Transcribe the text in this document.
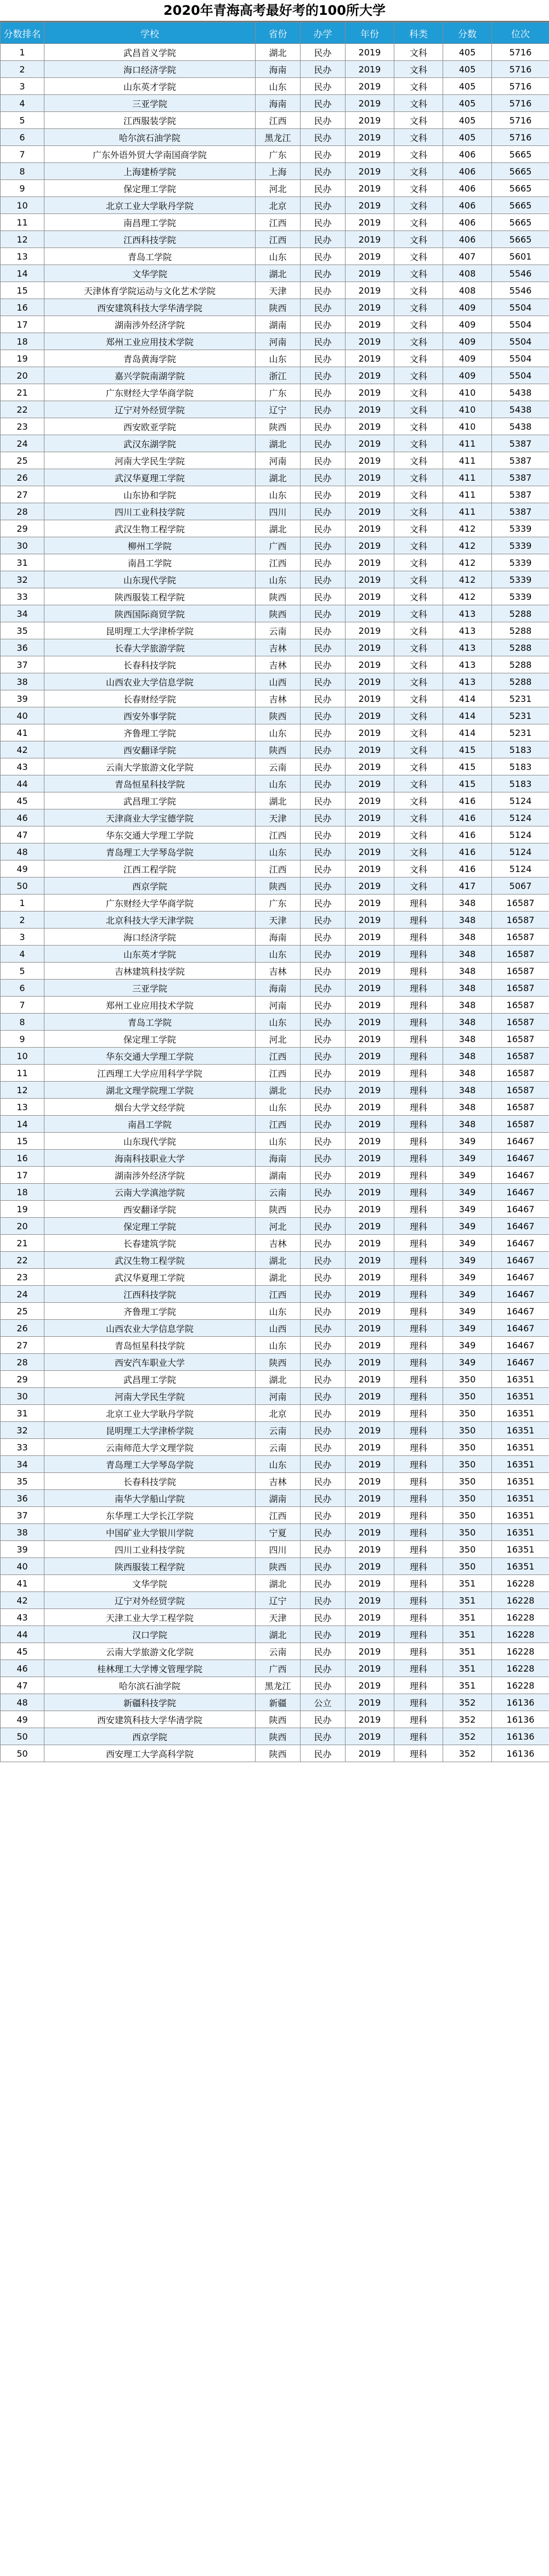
2020年青海高考最好考的100所大学
分数排名	学校	省份	办学	年份	科类	分数	位次
1	武昌首义学院	湖北	民办	2019	文科	405	5716
2	海口经济学院	海南	民办	2019	文科	405	5716
3	山东英才学院	山东	民办	2019	文科	405	5716
4	三亚学院	海南	民办	2019	文科	405	5716
5	江西服装学院	江西	民办	2019	文科	405	5716
6	哈尔滨石油学院	黑龙江	民办	2019	文科	405	5716
7	广东外语外贸大学南国商学院	广东	民办	2019	文科	406	5665
8	上海建桥学院	上海	民办	2019	文科	406	5665
9	保定理工学院	河北	民办	2019	文科	406	5665
10	北京工业大学耿丹学院	北京	民办	2019	文科	406	5665
11	南昌理工学院	江西	民办	2019	文科	406	5665
12	江西科技学院	江西	民办	2019	文科	406	5665
13	青岛工学院	山东	民办	2019	文科	407	5601
14	文华学院	湖北	民办	2019	文科	408	5546
15	天津体育学院运动与文化艺术学院	天津	民办	2019	文科	408	5546
16	西安建筑科技大学华清学院	陕西	民办	2019	文科	409	5504
17	湖南涉外经济学院	湖南	民办	2019	文科	409	5504
18	郑州工业应用技术学院	河南	民办	2019	文科	409	5504
19	青岛黄海学院	山东	民办	2019	文科	409	5504
20	嘉兴学院南湖学院	浙江	民办	2019	文科	409	5504
21	广东财经大学华商学院	广东	民办	2019	文科	410	5438
22	辽宁对外经贸学院	辽宁	民办	2019	文科	410	5438
23	西安欧亚学院	陕西	民办	2019	文科	410	5438
24	武汉东湖学院	湖北	民办	2019	文科	411	5387
25	河南大学民生学院	河南	民办	2019	文科	411	5387
26	武汉华夏理工学院	湖北	民办	2019	文科	411	5387
27	山东协和学院	山东	民办	2019	文科	411	5387
28	四川工业科技学院	四川	民办	2019	文科	411	5387
29	武汉生物工程学院	湖北	民办	2019	文科	412	5339
30	柳州工学院	广西	民办	2019	文科	412	5339
31	南昌工学院	江西	民办	2019	文科	412	5339
32	山东现代学院	山东	民办	2019	文科	412	5339
33	陕西服装工程学院	陕西	民办	2019	文科	412	5339
34	陕西国际商贸学院	陕西	民办	2019	文科	413	5288
35	昆明理工大学津桥学院	云南	民办	2019	文科	413	5288
36	长春大学旅游学院	吉林	民办	2019	文科	413	5288
37	长春科技学院	吉林	民办	2019	文科	413	5288
38	山西农业大学信息学院	山西	民办	2019	文科	413	5288
39	长春财经学院	吉林	民办	2019	文科	414	5231
40	西安外事学院	陕西	民办	2019	文科	414	5231
41	齐鲁理工学院	山东	民办	2019	文科	414	5231
42	西安翻译学院	陕西	民办	2019	文科	415	5183
43	云南大学旅游文化学院	云南	民办	2019	文科	415	5183
44	青岛恒星科技学院	山东	民办	2019	文科	415	5183
45	武昌理工学院	湖北	民办	2019	文科	416	5124
46	天津商业大学宝德学院	天津	民办	2019	文科	416	5124
47	华东交通大学理工学院	江西	民办	2019	文科	416	5124
48	青岛理工大学琴岛学院	山东	民办	2019	文科	416	5124
49	江西工程学院	江西	民办	2019	文科	416	5124
50	西京学院	陕西	民办	2019	文科	417	5067
1	广东财经大学华商学院	广东	民办	2019	理科	348	16587
2	北京科技大学天津学院	天津	民办	2019	理科	348	16587
3	海口经济学院	海南	民办	2019	理科	348	16587
4	山东英才学院	山东	民办	2019	理科	348	16587
5	吉林建筑科技学院	吉林	民办	2019	理科	348	16587
6	三亚学院	海南	民办	2019	理科	348	16587
7	郑州工业应用技术学院	河南	民办	2019	理科	348	16587
8	青岛工学院	山东	民办	2019	理科	348	16587
9	保定理工学院	河北	民办	2019	理科	348	16587
10	华东交通大学理工学院	江西	民办	2019	理科	348	16587
11	江西理工大学应用科学学院	江西	民办	2019	理科	348	16587
12	湖北文理学院理工学院	湖北	民办	2019	理科	348	16587
13	烟台大学文经学院	山东	民办	2019	理科	348	16587
14	南昌工学院	江西	民办	2019	理科	348	16587
15	山东现代学院	山东	民办	2019	理科	349	16467
16	海南科技职业大学	海南	民办	2019	理科	349	16467
17	湖南涉外经济学院	湖南	民办	2019	理科	349	16467
18	云南大学滇池学院	云南	民办	2019	理科	349	16467
19	西安翻译学院	陕西	民办	2019	理科	349	16467
20	保定理工学院	河北	民办	2019	理科	349	16467
21	长春建筑学院	吉林	民办	2019	理科	349	16467
22	武汉生物工程学院	湖北	民办	2019	理科	349	16467
23	武汉华夏理工学院	湖北	民办	2019	理科	349	16467
24	江西科技学院	江西	民办	2019	理科	349	16467
25	齐鲁理工学院	山东	民办	2019	理科	349	16467
26	山西农业大学信息学院	山西	民办	2019	理科	349	16467
27	青岛恒星科技学院	山东	民办	2019	理科	349	16467
28	西安汽车职业大学	陕西	民办	2019	理科	349	16467
29	武昌理工学院	湖北	民办	2019	理科	350	16351
30	河南大学民生学院	河南	民办	2019	理科	350	16351
31	北京工业大学耿丹学院	北京	民办	2019	理科	350	16351
32	昆明理工大学津桥学院	云南	民办	2019	理科	350	16351
33	云南师范大学文理学院	云南	民办	2019	理科	350	16351
34	青岛理工大学琴岛学院	山东	民办	2019	理科	350	16351
35	长春科技学院	吉林	民办	2019	理科	350	16351
36	南华大学船山学院	湖南	民办	2019	理科	350	16351
37	东华理工大学长江学院	江西	民办	2019	理科	350	16351
38	中国矿业大学银川学院	宁夏	民办	2019	理科	350	16351
39	四川工业科技学院	四川	民办	2019	理科	350	16351
40	陕西服装工程学院	陕西	民办	2019	理科	350	16351
41	文华学院	湖北	民办	2019	理科	351	16228
42	辽宁对外经贸学院	辽宁	民办	2019	理科	351	16228
43	天津工业大学工程学院	天津	民办	2019	理科	351	16228
44	汉口学院	湖北	民办	2019	理科	351	16228
45	云南大学旅游文化学院	云南	民办	2019	理科	351	16228
46	桂林理工大学博文管理学院	广西	民办	2019	理科	351	16228
47	哈尔滨石油学院	黑龙江	民办	2019	理科	351	16228
48	新疆科技学院	新疆	公立	2019	理科	352	16136
49	西安建筑科技大学华清学院	陕西	民办	2019	理科	352	16136
50	西京学院	陕西	民办	2019	理科	352	16136
50	西安理工大学高科学院	陕西	民办	2019	理科	352	16136
